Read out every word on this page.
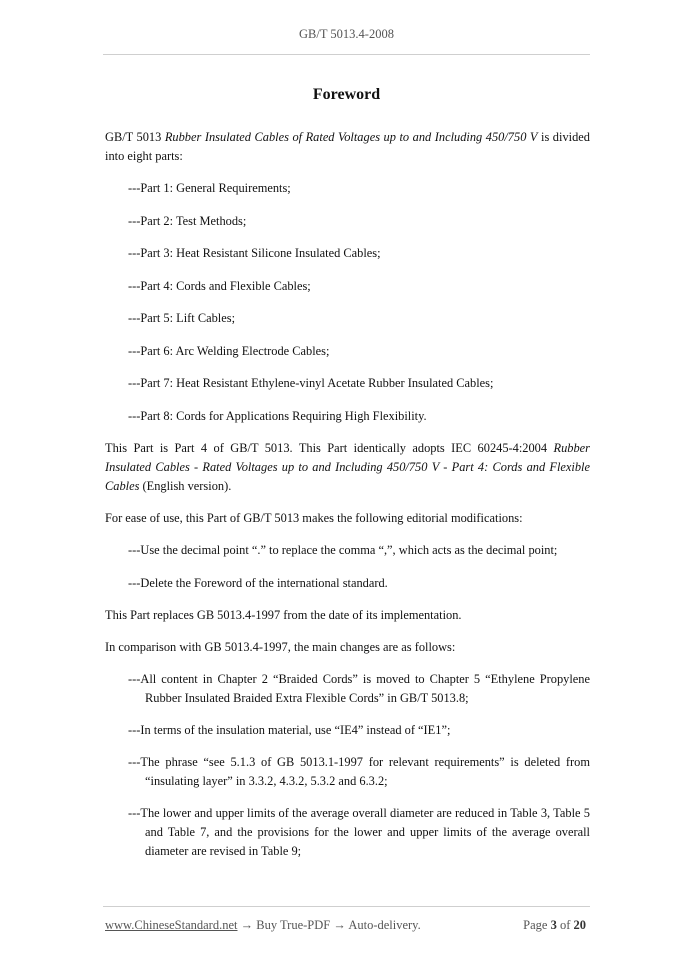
GB/T 5013.4-2008
Foreword

GB/T 5013 Rubber Insulated Cables of Rated Voltages up to and Including 450/750 V is divided into eight parts:

---Part 1: General Requirements;
---Part 2: Test Methods;
---Part 3: Heat Resistant Silicone Insulated Cables;
---Part 4: Cords and Flexible Cables;
---Part 5: Lift Cables;
---Part 6: Arc Welding Electrode Cables;
---Part 7: Heat Resistant Ethylene-vinyl Acetate Rubber Insulated Cables;
---Part 8: Cords for Applications Requiring High Flexibility.

This Part is Part 4 of GB/T 5013. This Part identically adopts IEC 60245-4:2004 Rubber Insulated Cables - Rated Voltages up to and Including 450/750 V - Part 4: Cords and Flexible Cables (English version).

For ease of use, this Part of GB/T 5013 makes the following editorial modifications:

---Use the decimal point “.” to replace the comma “,”, which acts as the decimal point;
---Delete the Foreword of the international standard.

This Part replaces GB 5013.4-1997 from the date of its implementation.

In comparison with GB 5013.4-1997, the main changes are as follows:

---All content in Chapter 2 “Braided Cords” is moved to Chapter 5 “Ethylene Propylene Rubber Insulated Braided Extra Flexible Cords” in GB/T 5013.8;
---In terms of the insulation material, use “IE4” instead of “IE1”;
---The phrase “see 5.1.3 of GB 5013.1-1997 for relevant requirements” is deleted from “insulating layer” in 3.3.2, 4.3.2, 5.3.2 and 6.3.2;
---The lower and upper limits of the average overall diameter are reduced in Table 3, Table 5 and Table 7, and the provisions for the lower and upper limits of the average overall diameter are revised in Table 9;
www.ChineseStandard.net → Buy True-PDF → Auto-delivery.	Page 3 of 20
